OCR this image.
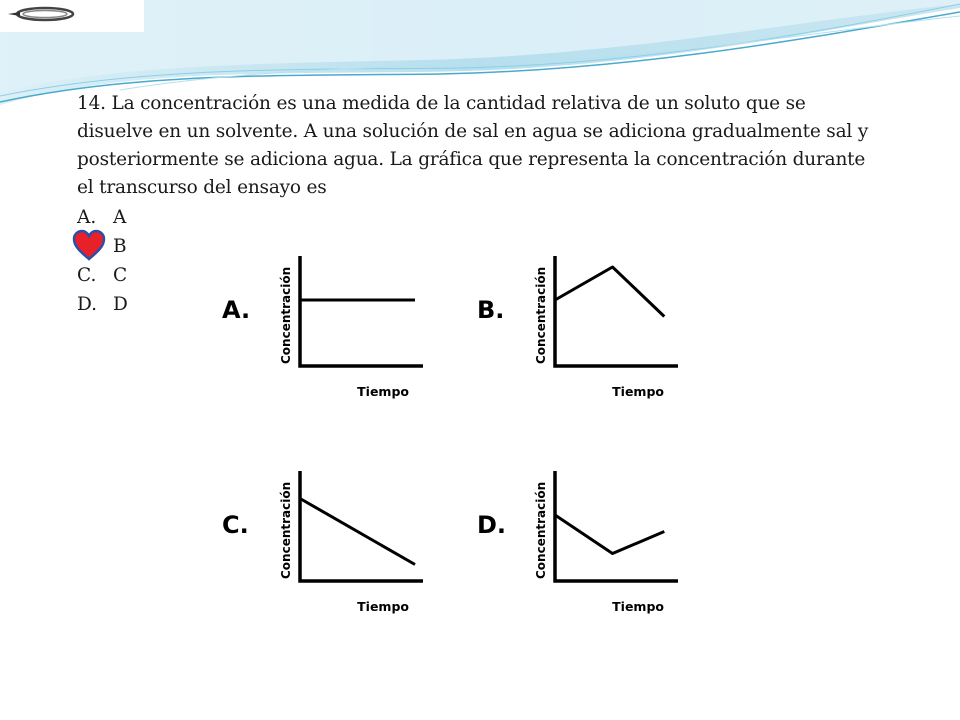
14. La concentración es una medida de la cantidad relativa de un soluto que se disuelve en un solvente. A una solución de sal en agua se adiciona gradualmente sal y posteriormente se adiciona agua. La gráfica que representa la concentración durante el transcurso del ensayo es

A. A
B
C. C
D. D	A. Concentración
Tiempo
B. Concentración
Tiempo
C.	Concentración
Tiempo
D. Concentración
Tiempo
